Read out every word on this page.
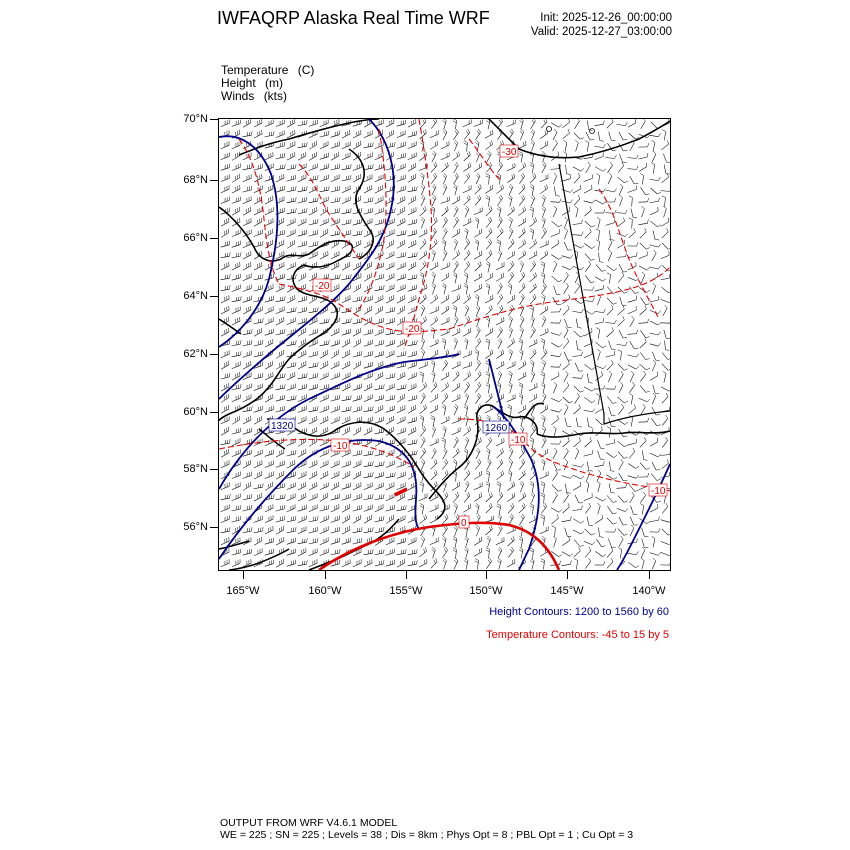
IWFAQRP Alaska Real Time WRF	Init: 2025-12-26_00:00:00
Valid: 2025-12-27_03:00:00
Temperature (C)
Height (m)
Winds (kts)
70°N
68°N
66°N
64°N
62°N
60°N
58°N
56°N
165°W	160°W	155°W	150°W	145°W	140°W
-30
-20
-20
-10
-10
-10
0
1320	1260
Height Contours: 1200 to 1560 by 60
Temperature Contours: -45 to 15 by 5
OUTPUT FROM WRF V4.6.1 MODEL
WE = 225 ; SN = 225 ; Levels = 38 ; Dis = 8km ; Phys Opt = 8 ; PBL Opt = 1 ; Cu Opt = 3
